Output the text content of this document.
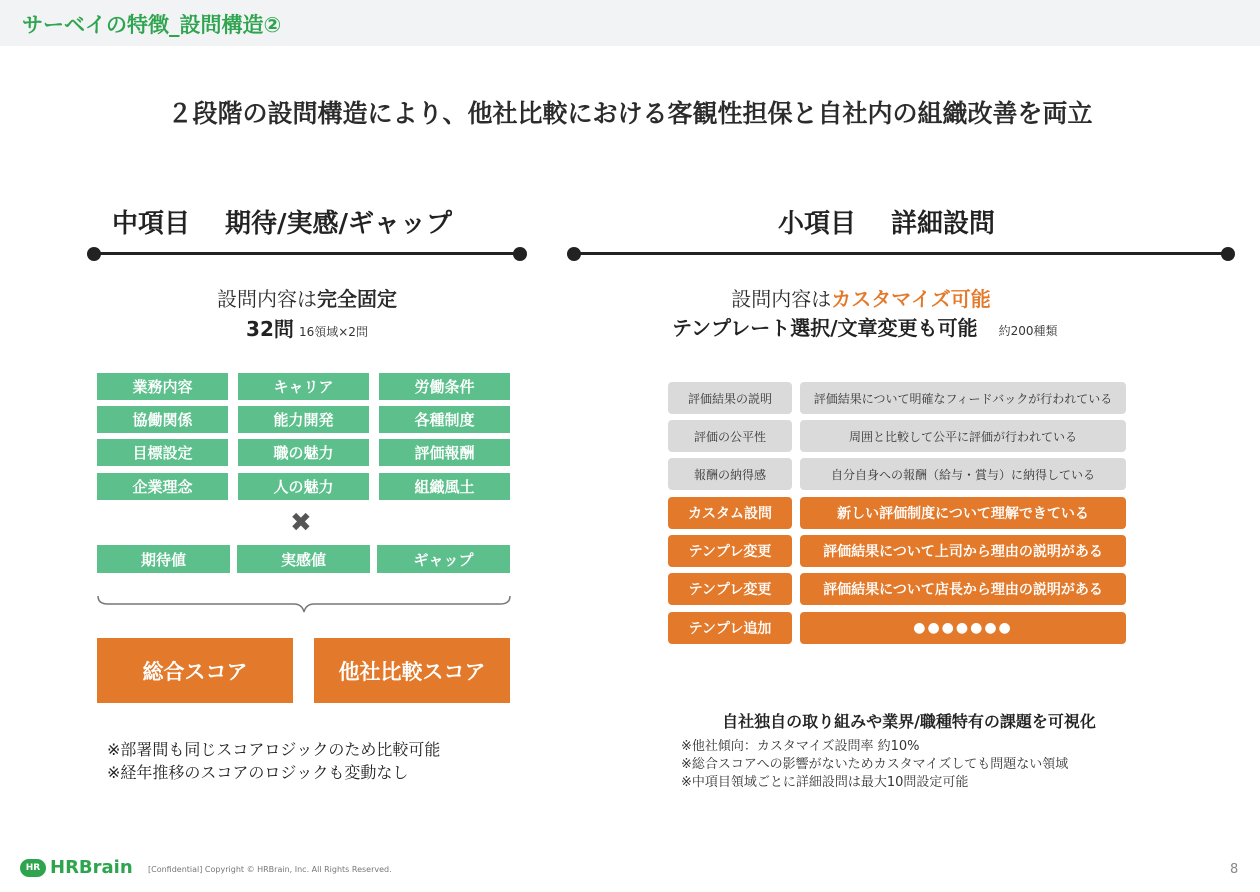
サーベイの特徴_設問構造②
２段階の設問構造により、他社比較における客観性担保と自社内の組織改善を両立
中項目　 期待/実感/ギャップ
設問内容は完全固定
32問 16領域×2問
業務内容	キャリア	労働条件
協働関係	能力開発	各種制度
目標設定	職の魅力	評価報酬
企業理念	人の魅力	組織風土
✖
期待値	実感値	ギャップ
総合スコア	他社比較スコア
※部署間も同じスコアロジックのため比較可能
※経年推移のスコアのロジックも変動なし
小項目　 詳細設問
設問内容はカスタマイズ可能
テンプレート選択/文章変更も可能 約200種類
評価結果の説明	評価結果について明確なフィードバックが行われている
評価の公平性	周囲と比較して公平に評価が行われている
報酬の納得感	自分自身への報酬（給与・賞与）に納得している
カスタム設問	新しい評価制度について理解できている
テンプレ変更	評価結果について上司から理由の説明がある
テンプレ変更	評価結果について店長から理由の説明がある
テンプレ追加	●●●●●●●
自社独自の取り組みや業界/職種特有の課題を可視化
※他社傾向：カスタマイズ設問率 約10%
※総合スコアへの影響がないためカスタマイズしても問題ない領域
※中項目領域ごとに詳細設問は最大10問設定可能
HR HRBrain [Confidential] Copyright © HRBrain, Inc. All Rights Reserved.	8
